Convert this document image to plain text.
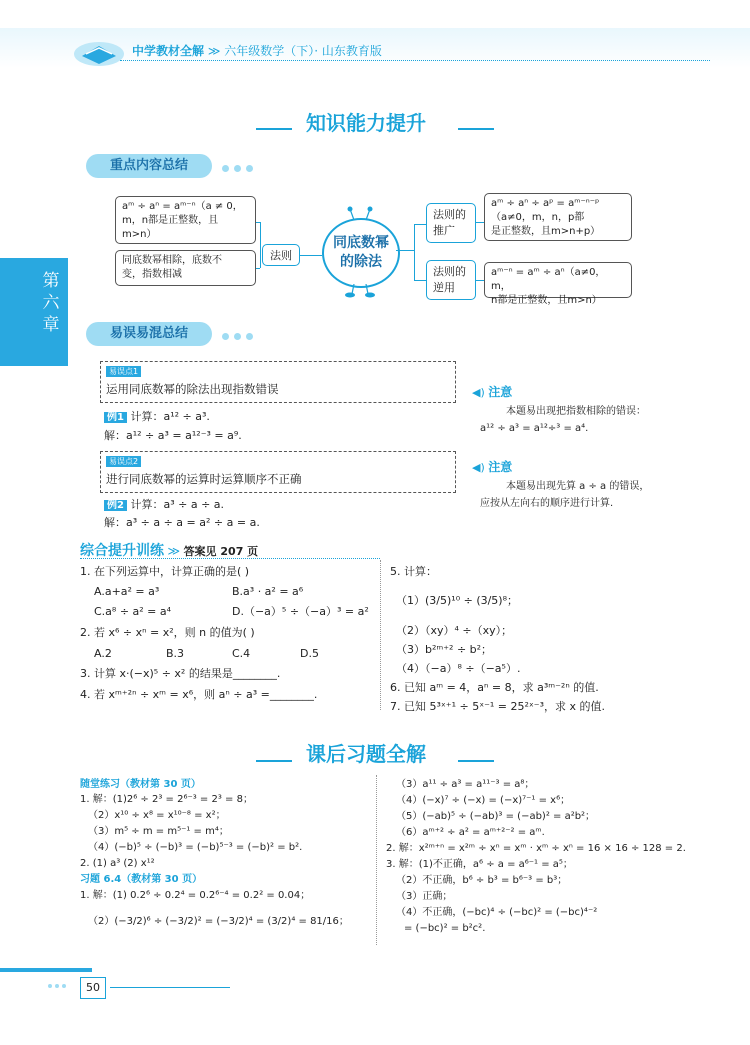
中学教材全解 ≫ 六年级数学（下）· 山东教育版
第六章
知识能力提升
重点内容总结
aᵐ ÷ aⁿ = aᵐ⁻ⁿ（a ≠ 0，
m，n都是正整数，且
m>n）
同底数幂相除，底数不
变，指数相减
法则
同底数幂的除法
法则的推广
aᵐ ÷ aⁿ ÷ aᵖ = aᵐ⁻ⁿ⁻ᵖ
（a≠0，m，n，p都
是正整数，且m>n+p）
法则的逆用
aᵐ⁻ⁿ = aᵐ ÷ aⁿ（a≠0，m，
n都是正整数，且m>n）
易误易混总结
易误点1
运用同底数幂的除法出现指数错误
例1 计算：a¹² ÷ a³.
解：a¹² ÷ a³ = a¹²⁻³ = a⁹.
易误点2
进行同底数幂的运算时运算顺序不正确
例2 计算：a³ ÷ a ÷ a.
解：a³ ÷ a ÷ a = a² ÷ a = a.
◀) 注意
本题易出现把指数相除的错误：
a¹² ÷ a³ = a¹²÷³ = a⁴.
◀) 注意
本题易出现先算 a ÷ a 的错误，
应按从左向右的顺序进行计算.
综合提升训练 ≫ 答案见 207 页
1. 在下列运算中，计算正确的是( )
A.a+a² = a³	B.a³ · a² = a⁶
C.a⁸ ÷ a² = a⁴	D.（−a）⁵ ÷（−a）³ = a²
2. 若 x⁶ ÷ xⁿ = x²，则 n 的值为( )
A.2	B.3	C.4	D.5
3. 计算 x·(−x)⁵ ÷ x² 的结果是________.
4. 若 xᵐ⁺²ⁿ ÷ xᵐ = x⁶，则 aⁿ ÷ a³ =________.
5. 计算：
（1）(3/5)¹⁰ ÷ (3/5)⁸；
（2）（xy）⁴ ÷（xy）；
（3）b²ᵐ⁺² ÷ b²；
（4）（−a）⁸ ÷（−a⁵）.
6. 已知 aᵐ = 4，aⁿ = 8，求 a³ᵐ⁻²ⁿ 的值.
7. 已知 5³ˣ⁺¹ ÷ 5ˣ⁻¹ = 25²ˣ⁻³，求 x 的值.
课后习题全解
随堂练习（教材第 30 页）
1. 解：(1)2⁶ ÷ 2³ = 2⁶⁻³ = 2³ = 8；
（2）x¹⁰ ÷ x⁸ = x¹⁰⁻⁸ = x²；
（3）m⁵ ÷ m = m⁵⁻¹ = m⁴；
（4）(−b)⁵ ÷ (−b)³ = (−b)⁵⁻³ = (−b)² = b².
2. (1) a³ (2) x¹²
习题 6.4（教材第 30 页）
1. 解：(1) 0.2⁶ ÷ 0.2⁴ = 0.2⁶⁻⁴ = 0.2² = 0.04；
（2）(−3/2)⁶ ÷ (−3/2)² = (−3/2)⁴ = (3/2)⁴ = 81/16；
（3）a¹¹ ÷ a³ = a¹¹⁻³ = a⁸；
（4）(−x)⁷ ÷ (−x) = (−x)⁷⁻¹ = x⁶；
（5）(−ab)⁵ ÷ (−ab)³ = (−ab)² = a²b²；
（6）aᵐ⁺² ÷ a² = aᵐ⁺²⁻² = aᵐ.
2. 解：x²ᵐ⁺ⁿ = x²ᵐ ÷ xⁿ = xᵐ · xᵐ ÷ xⁿ = 16 × 16 ÷ 128 = 2.
3. 解：(1)不正确，a⁶ ÷ a = a⁶⁻¹ = a⁵；
（2）不正确，b⁶ ÷ b³ = b⁶⁻³ = b³；
（3）正确；
（4）不正确，(−bc)⁴ ÷ (−bc)² = (−bc)⁴⁻²
= (−bc)² = b²c².
50
